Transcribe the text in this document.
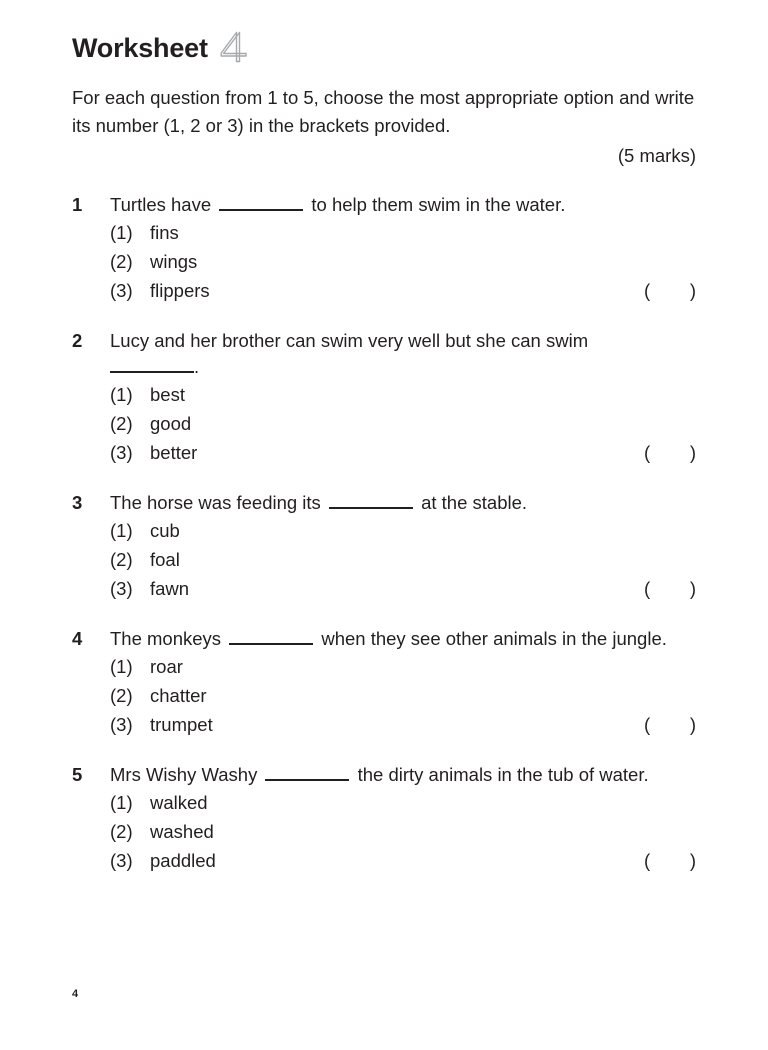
Worksheet
For each question from 1 to 5, choose the most appropriate option and write its number (1, 2 or 3) in the brackets provided.
(5 marks)
1	Turtles have	to help them swim in the water.
(1) fins
(2) wings
(3) flippers	( )
2	Lucy and her brother can swim very well but she can swim
.
(1) best
(2) good
(3) better	( )
3	The horse was feeding its	at the stable.
(1) cub
(2) foal
(3) fawn	( )
4	The monkeys	when they see other animals in the jungle.
(1) roar
(2) chatter
(3) trumpet	( )
5	Mrs Wishy Washy	the dirty animals in the tub of water.
(1) walked
(2) washed
(3) paddled	( )
4
